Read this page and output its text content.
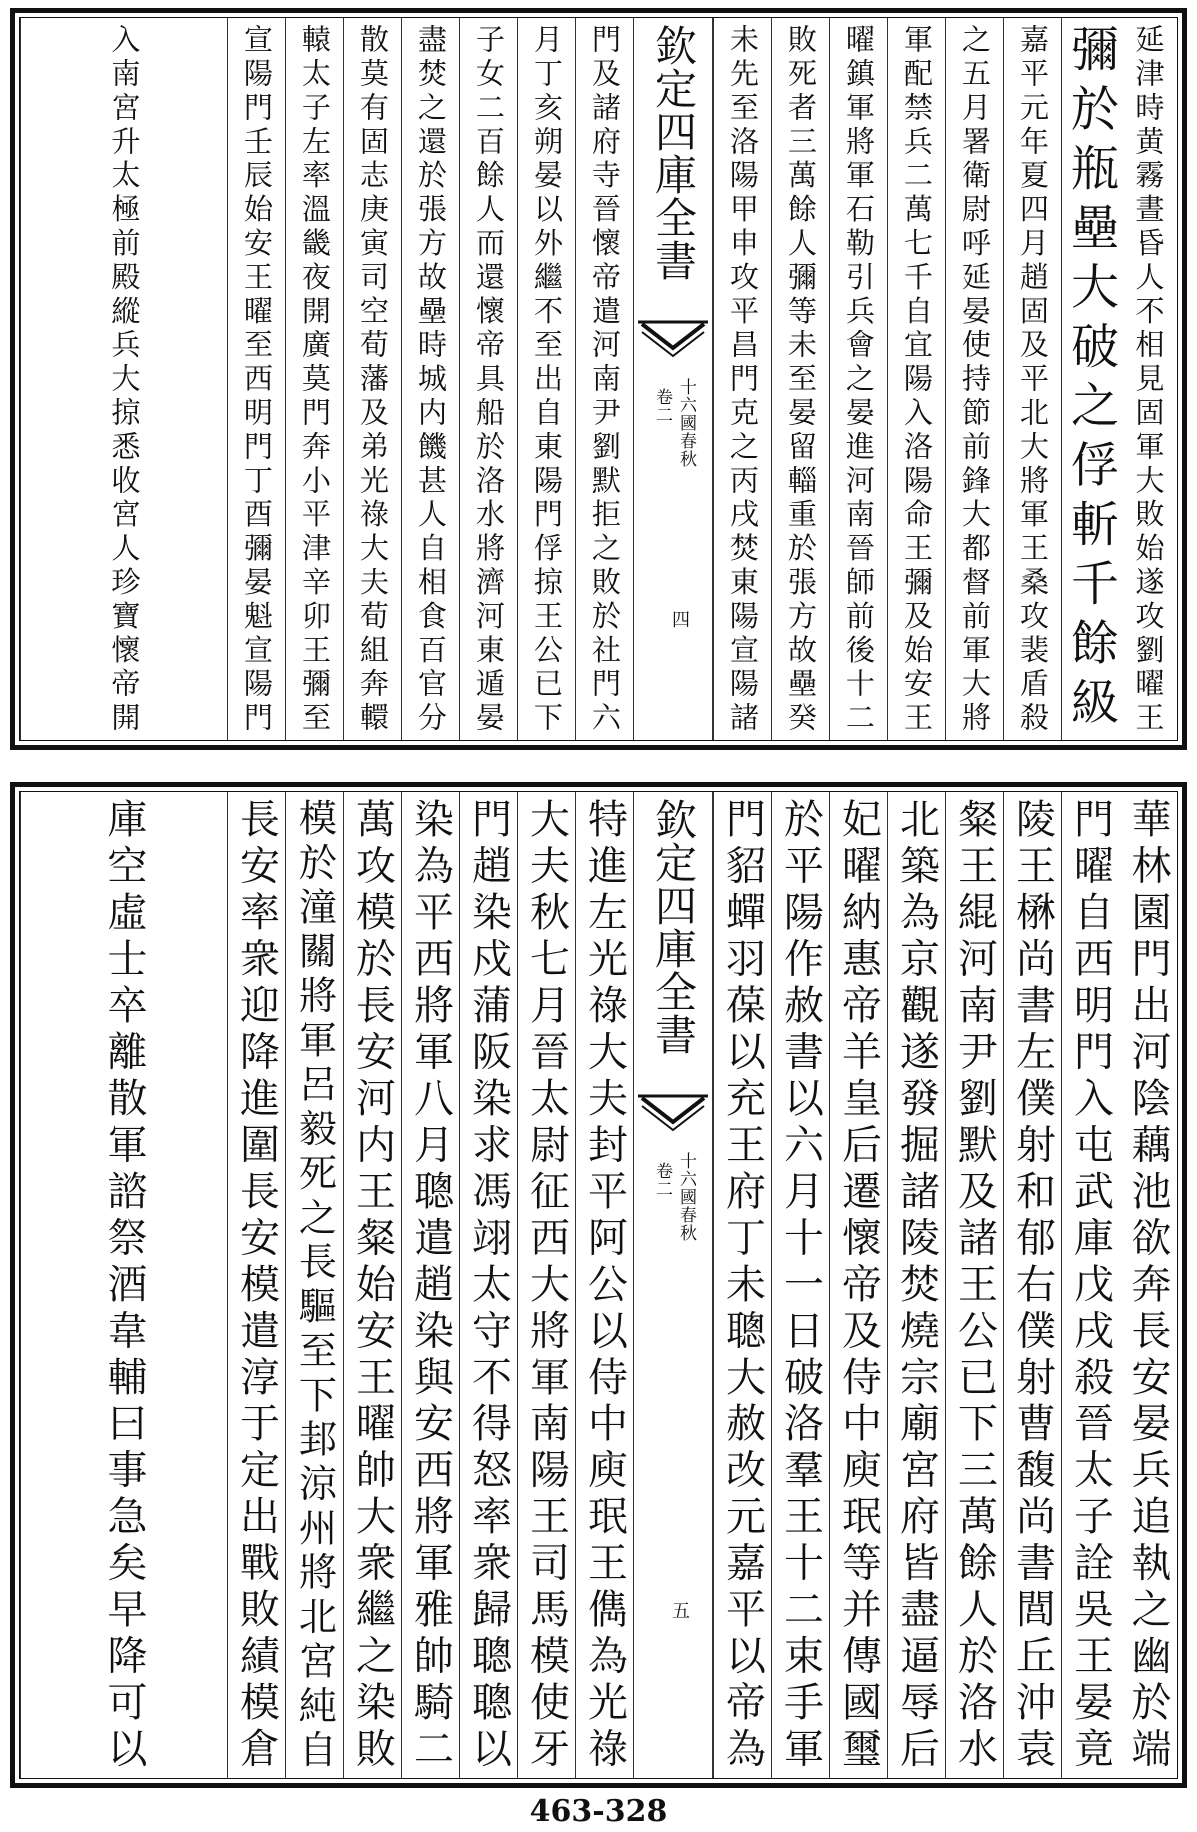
延津時黄霧晝昏人不相見固軍大敗始遂攻劉曜王
彌於瓶壘大破之俘斬千餘級
嘉平元年夏四月趙固及平北大將軍王桑攻裴盾殺
之五月署衛尉呼延晏使持節前鋒大都督前軍大將
軍配禁兵二萬七千自宜陽入洛陽命王彌及始安王
曜鎮軍將軍石勒引兵會之晏進河南晉師前後十二
敗死者三萬餘人彌等未至晏留輜重於張方故壘癸
未先至洛陽甲申攻平昌門克之丙戌焚東陽宣陽諸
欽定四庫全書
十六國春秋
卷二
四
門及諸府寺晉懷帝遣河南尹劉默拒之敗於社門六
月丁亥朔晏以外繼不至出自東陽門俘掠王公已下
子女二百餘人而還懷帝具船於洛水將濟河東遁晏
盡焚之還於張方故壘時城内饑甚人自相食百官分
散莫有固志庚寅司空荀藩及弟光祿大夫荀組奔轘
轅太子左率溫畿夜開廣莫門奔小平津辛卯王彌至
宣陽門壬辰始安王曜至西明門丁酉彌晏魁宣陽門
入南宮升太極前殿縱兵大掠悉收宮人珍寶懷帝開
華林園門出河陰藕池欲奔長安晏兵追執之幽於端
門曜自西明門入屯武庫戊戌殺晉太子詮吳王晏竟
陵王楙尚書左僕射和郁右僕射曹馥尚書閭丘沖袁
粲王緄河南尹劉默及諸王公已下三萬餘人於洛水
北築為京觀遂發掘諸陵焚燒宗廟宮府皆盡逼辱后
妃曜納惠帝羊皇后遷懷帝及侍中庾珉等并傳國璽
於平陽作赦書以六月十一日破洛羣王十二束手軍
門貂蟬羽葆以充王府丁未聰大赦改元嘉平以帝為
欽定四庫全書
十六國春秋
卷二
五
特進左光祿大夫封平阿公以侍中庾珉王儁為光祿
大夫秋七月晉太尉征西大將軍南陽王司馬模使牙
門趙染戍蒲阪染求馮翊太守不得怒率衆歸聰聰以
染為平西將軍八月聰遣趙染與安西將軍雅帥騎二
萬攻模於長安河内王粲始安王曜帥大衆繼之染敗
模於潼關將軍呂毅死之長驅至下邽涼州將北宮純自
長安率衆迎降進圍長安模遣淳于定出戰敗績模倉
庫空虛士卒離散軍諮祭酒韋輔曰事急矣早降可以
463-328
